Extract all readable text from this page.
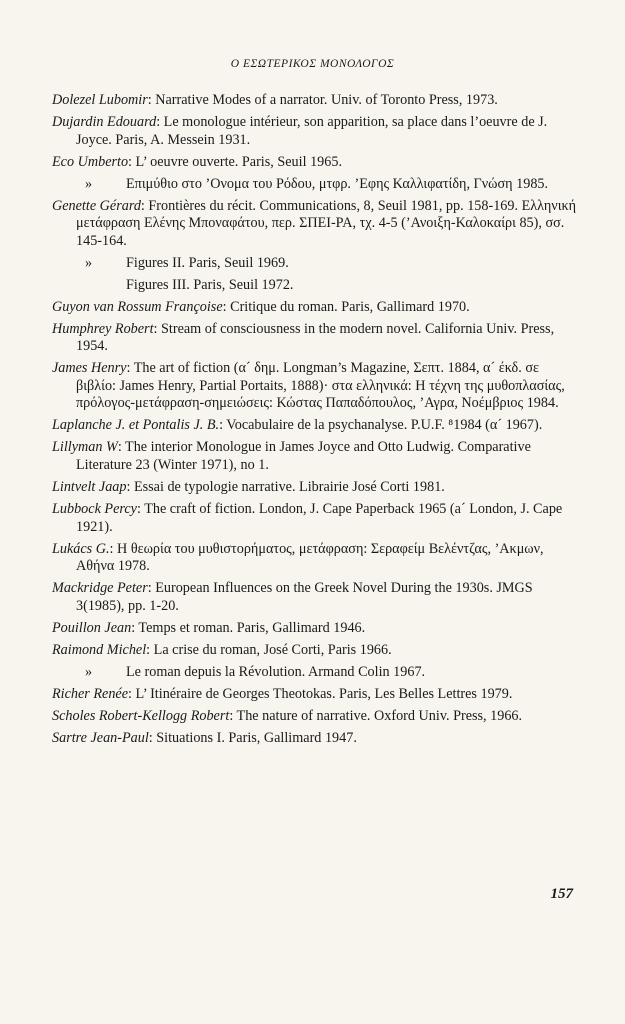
Ο ΕΣΩΤΕΡΙΚΟΣ ΜΟΝΟΛΟΓΟΣ

Dolezel Lubomir: Narrative Modes of a narrator. Univ. of Toronto Press, 1973.

Dujardin Edouard: Le monologue intérieur, son apparition, sa place dans l’oeuvre de J. Joyce. Paris, A. Messein 1931.

Eco Umberto: L’ oeuvre ouverte. Paris, Seuil 1965.

» Επιμύθιο στο ’Ονομα του Ρόδου, μτφρ. ’Εφης Καλλιφατίδη, Γνώση 1985.

Genette Gérard: Frontières du récit. Communications, 8, Seuil 1981, pp. 158-169. Ελληνική μετάφραση Ελένης Μποναφάτου, περ. ΣΠΕΙ-ΡΑ, τχ. 4-5 (’Ανοιξη-Καλοκαίρι 85), σσ. 145-164.

» Figures II. Paris, Seuil 1969.

Figures III. Paris, Seuil 1972.

Guyon van Rossum Françoise: Critique du roman. Paris, Gallimard 1970.

Humphrey Robert: Stream of consciousness in the modern novel. California Univ. Press, 1954.

James Henry: The art of fiction (α´ δημ. Longman’s Magazine, Σεπτ. 1884, α´ έκδ. σε βιβλίο: James Henry, Partial Portaits, 1888)· στα ελληνικά: Η τέχνη της μυθοπλασίας, πρόλογος-μετάφραση-σημειώσεις: Κώστας Παπαδόπουλος, ’Αγρα, Νοέμβριος 1984.

Laplanche J. et Pontalis J. B.: Vocabulaire de la psychanalyse. P.U.F. ⁸1984 (α´ 1967).

Lillyman W: The interior Monologue in James Joyce and Otto Ludwig. Comparative Literature 23 (Winter 1971), no 1.

Lintvelt Jaap: Essai de typologie narrative. Librairie José Corti 1981.

Lubbock Percy: The craft of fiction. London, J. Cape Paperback 1965 (a´ London, J. Cape 1921).

Lukács G.: Η θεωρία του μυθιστορήματος, μετάφραση: Σεραφείμ Βελέντζας, ’Ακμων, Αθήνα 1978.

Mackridge Peter: European Influences on the Greek Novel During the 1930s. JMGS 3(1985), pp. 1-20.

Pouillon Jean: Temps et roman. Paris, Gallimard 1946.

Raimond Michel: La crise du roman, José Corti, Paris 1966.

» Le roman depuis la Révolution. Armand Colin 1967.

Richer Renée: L’ Itinéraire de Georges Theotokas. Paris, Les Belles Lettres 1979.

Scholes Robert-Kellogg Robert: The nature of narrative. Oxford Univ. Press, 1966.

Sartre Jean-Paul: Situations I. Paris, Gallimard 1947.

157
